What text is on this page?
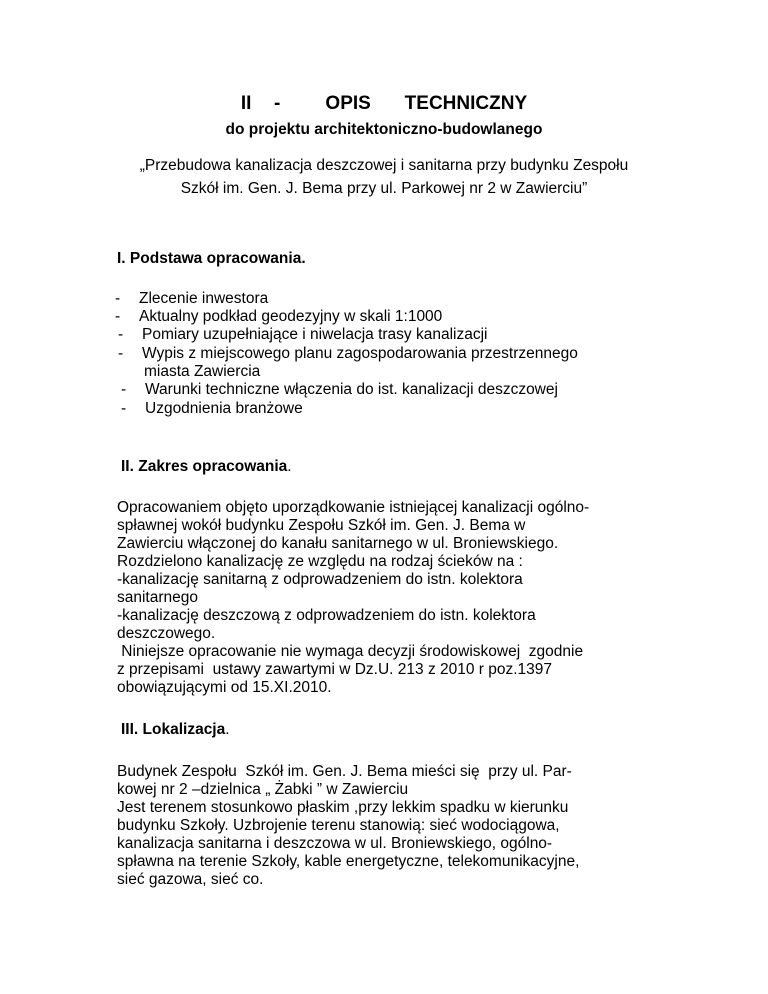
II  -    OPIS   TECHNICZNY
do projektu architektoniczno-budowlanego
„Przebudowa kanalizacja deszczowej i sanitarna przy budynku Zespołu
Szkół im. Gen. J. Bema przy ul. Parkowej nr 2 w Zawierciu”
I. Podstawa opracowania.
- Zlecenie inwestora
- Aktualny podkład geodezyjny w skali 1:1000
- Pomiary uzupełniające i niwelacja trasy kanalizacji
- Wypis z miejscowego planu zagospodarowania przestrzennego
miasta Zawiercia
- Warunki techniczne włączenia do ist. kanalizacji deszczowej
- Uzgodnienia branżowe
II. Zakres opracowania.
Opracowaniem objęto uporządkowanie istniejącej kanalizacji ogólno-
spławnej wokół budynku Zespołu Szkół im. Gen. J. Bema w
Zawierciu włączonej do kanału sanitarnego w ul. Broniewskiego.
Rozdzielono kanalizację ze względu na rodzaj ścieków na :
-kanalizację sanitarną z odprowadzeniem do istn. kolektora
sanitarnego
-kanalizację deszczową z odprowadzeniem do istn. kolektora
deszczowego.
Niniejsze opracowanie nie wymaga decyzji środowiskowej  zgodnie
z przepisami  ustawy zawartymi w Dz.U. 213 z 2010 r poz.1397
obowiązującymi od 15.XI.2010.
III. Lokalizacja.
Budynek Zespołu  Szkół im. Gen. J. Bema mieści się  przy ul. Par-
kowej nr 2 –dzielnica „ Żabki ” w Zawierciu
Jest terenem stosunkowo płaskim ,przy lekkim spadku w kierunku
budynku Szkoły. Uzbrojenie terenu stanowią: sieć wodociągowa,
kanalizacja sanitarna i deszczowa w ul. Broniewskiego, ogólno-
spławna na terenie Szkoły, kable energetyczne, telekomunikacyjne,
sieć gazowa, sieć co.
